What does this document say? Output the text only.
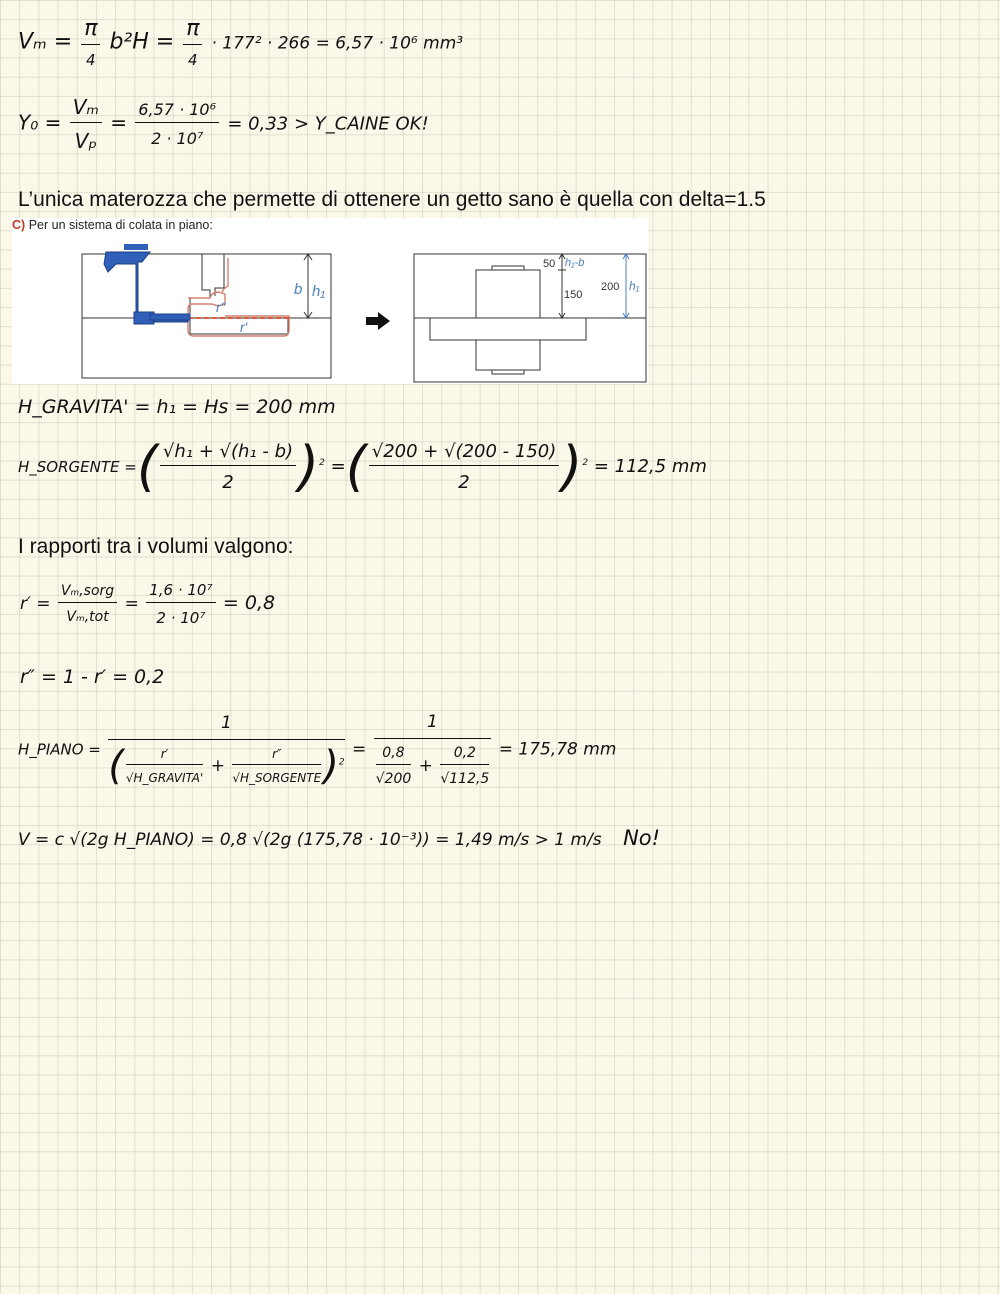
$V_m = \frac{\pi}{4} b^2H = \frac{\pi}{4} \cdot 177^2 \cdot 266 = 6,57 \cdot 10^6$ mm³
$Y_0 = \frac{\text{Vₘ}}{\text{Vₚ}} = \frac{\text{6,57 · 10⁶}}{\text{2 · 10⁷}} = 0,33$ > Y_CAINE OK!
L’unica materozza che permette di ottenere un getto sano è quella con delta=1.5
C) Per un sistema di colata in piano:
b h₁
r″
r′
50 h₁-b
150
200 h₁
H_GRAVITA' = h₁ = Hs = 200 mm
H_SORGENTE =( $\frac{\text{√h₁ + √(h₁ - b)}}{2} )^2$ =( $\frac{√200 + √(200 - 150)}{2} )^2 = 112,5$ mm
I rapporti tra i volumi valgono:
$r' = \frac{\text{Vₘ,sorg}}{\text{Vₘ,tot}} = \frac{\text{1,6 · 10⁷}}{\text{2 · 10⁷}} = 0,8$
r″ = 1 - r′ = 0,2
H_PIANO = $\frac{1}{( \frac{r'}{\text{√H\_GRAVITA'}} + \frac{r''}{\text{√H\_SORGENTE}} )^2} = \frac{1}{\frac{0,8}{√200} + \frac{0,2}{√112,5}} = 175,78$ mm
V = c √(2g H_PIANO) = 0,8 √(2g (175,78 · 10⁻³)) = 1,49 m/s > 1 m/s No!
